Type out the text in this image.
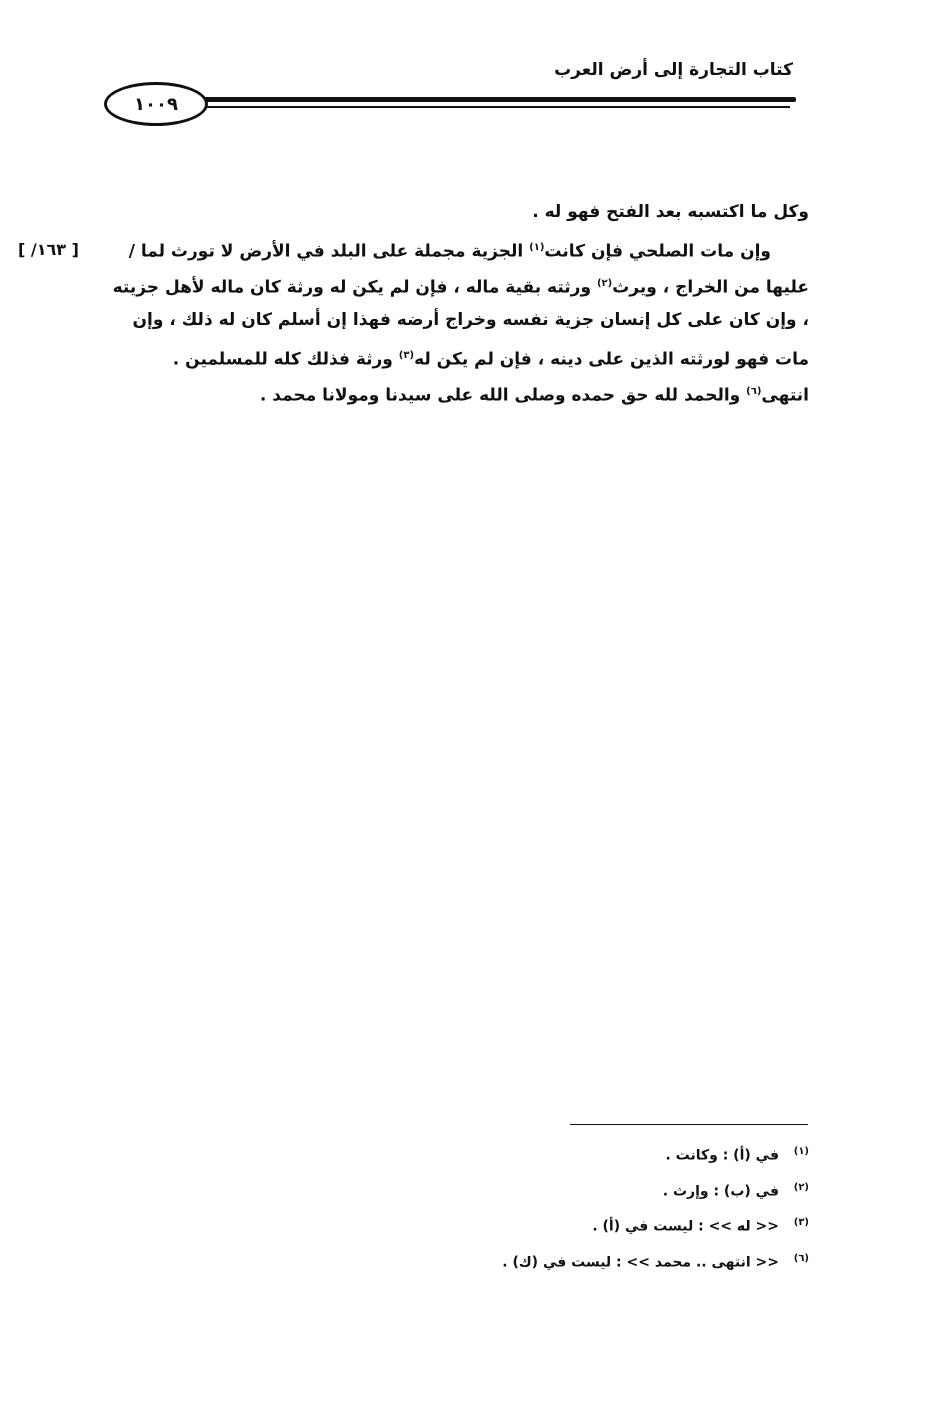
كتاب التجارة إلى أرض العرب
١٠٠٩
[ ١٦٣/ ]
وكل ما اكتسبه بعد الفتح فهو له .
وإن مات الصلحي فإن كانت$^{(١)}$ الجزية مجملة على البلد في الأرض لا تورث لما /
عليها من الخراج ، ويرث$^{(٢)}$ ورثته بقية ماله ، فإن لم يكن له ورثة كان ماله لأهل جزيته
، وإن كان على كل إنسان جزية نفسه وخراج أرضه فهذا إن أسلم كان له ذلك ، وإن
مات فهو لورثته الذين على دينه ، فإن لم يكن له$^{(٣)}$ ورثة فذلك كله للمسلمين .
انتهى$^{(٦)}$ والحمد لله حق حمده وصلى الله على سيدنا ومولانا محمد .
(١)في (أ) : وكانت .
(٢)في (ب) : وإرث .
(٣)<< له >> : ليست في (أ) .
(٦)<< انتهى .. محمد >> : ليست في (ك) .
